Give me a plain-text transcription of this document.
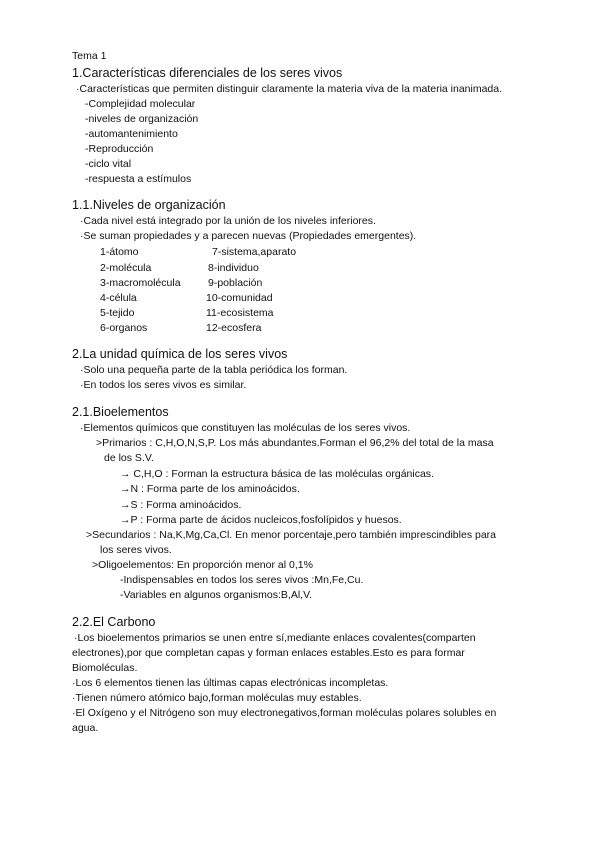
Tema 1
1.Características diferenciales de los seres vivos
·Características que permiten distinguir claramente la materia viva de la materia inanimada.
-Complejidad molecular
-niveles de organización
-automantenimiento
-Reproducción
-ciclo vital
-respuesta a estímulos
1.1.Niveles de organización
·Cada nivel está integrado por la unión de los niveles inferiores.
·Se suman propiedades y a parecen nuevas (Propiedades emergentes).
1-átomo	7-sistema,aparato
2-molécula	8-individuo
3-macromolécula	9-población
4-célula	10-comunidad
5-tejido	11-ecosistema
6-organos	12-ecosfera
2.La unidad química de los seres vivos
·Solo una pequeña parte de la tabla periódica los forman.
·En todos los seres vivos es similar.
2.1.Bioelementos
·Elementos químicos que constituyen las moléculas de los seres vivos.
>Primarios : C,H,O,N,S,P. Los más abundantes.Forman el 96,2% del total de la masa
de los S.V.
→ C,H,O : Forman la estructura básica de las moléculas orgánicas.
→N : Forma parte de los aminoácidos.
→S : Forma aminoácidos.
→P : Forma parte de ácidos nucleicos,fosfolípidos y huesos.
>Secundarios : Na,K,Mg,Ca,Cl. En menor porcentaje,pero también imprescindibles para
los seres vivos.
>Oligoelementos: En proporción menor al 0,1%
-Indispensables en todos los seres vivos :Mn,Fe,Cu.
-Variables en algunos organismos:B,Al,V.
2.2.El Carbono
·Los bioelementos primarios se unen entre sí,mediante enlaces covalentes(comparten
electrones),por que completan capas y forman enlaces estables.Esto es para formar
Biomoléculas.
·Los 6 elementos tienen las últimas capas electrónicas incompletas.
·Tienen número atómico bajo,forman moléculas muy estables.
·El Oxígeno y el Nitrógeno son muy electronegativos,forman moléculas polares solubles en
agua.
